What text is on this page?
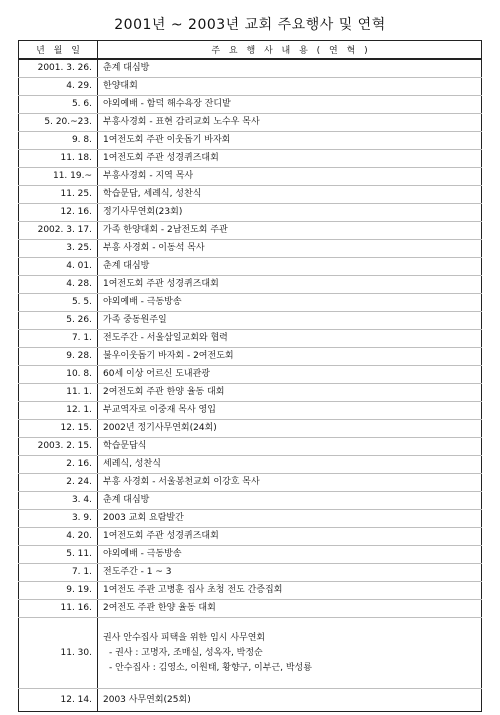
2001년 ~ 2003년 교회 주요행사 및 연혁
년 월 일	주 요 행 사 내 용 ( 연 혁 )
2001. 3. 26.	춘계 대심방
4. 29.	한양대회
5. 6.	야외예배 - 함덕 해수욕장 잔디밭
5. 20.~23.	부흥사경회 - 표현 감리교회 노수우 목사
9. 8.	1여전도회 주관 이웃돕기 바자회
11. 18.	1여전도회 주관 성경퀴즈대회
11. 19.~	부흥사경회 - 지역 목사
11. 25.	학습문답, 세례식, 성찬식
12. 16.	정기사무연회(23회)
2002. 3. 17.	가족 한양대회 - 2남전도회 주관
3. 25.	부흥 사경회 - 이동석 목사
4. 01.	춘계 대심방
4. 28.	1여전도회 주관 성경퀴즈대회
5. 5.	야외예배 - 극동방송
5. 26.	가족 중동원주일
7. 1.	전도주간 - 서울삼일교회와 협력
9. 28.	불우이웃돕기 바자회 - 2여전도회
10. 8.	60세 이상 어르신 도내관광
11. 1.	2여전도회 주관 한양 율동 대회
12. 1.	부교역자로 이중재 목사 영입
12. 15.	2002년 정기사무연회(24회)
2003. 2. 15.	학습문답식
2. 16.	세례식, 성찬식
2. 24.	부흥 사경회 - 서울봉천교회 이강호 목사
3. 4.	춘계 대심방
3. 9.	2003 교회 요람발간
4. 20.	1여전도회 주관 성경퀴즈대회
5. 11.	야외예배 - 극동방송
7. 1.	전도주간 - 1 ~ 3
9. 19.	1여전도 주관 고병훈 집사 초청 전도 간증집회
11. 16.	2여전도 주관 한양 율동 대회
11. 30.	권사 안수집사 피택을 위한 임시 사무연회
- 권사 : 고명자, 조매실, 성옥자, 박정순
- 안수집사 : 김영소, 이원태, 황향구, 이부근, 박성룡

12. 14.	2003 사무연회(25회)
